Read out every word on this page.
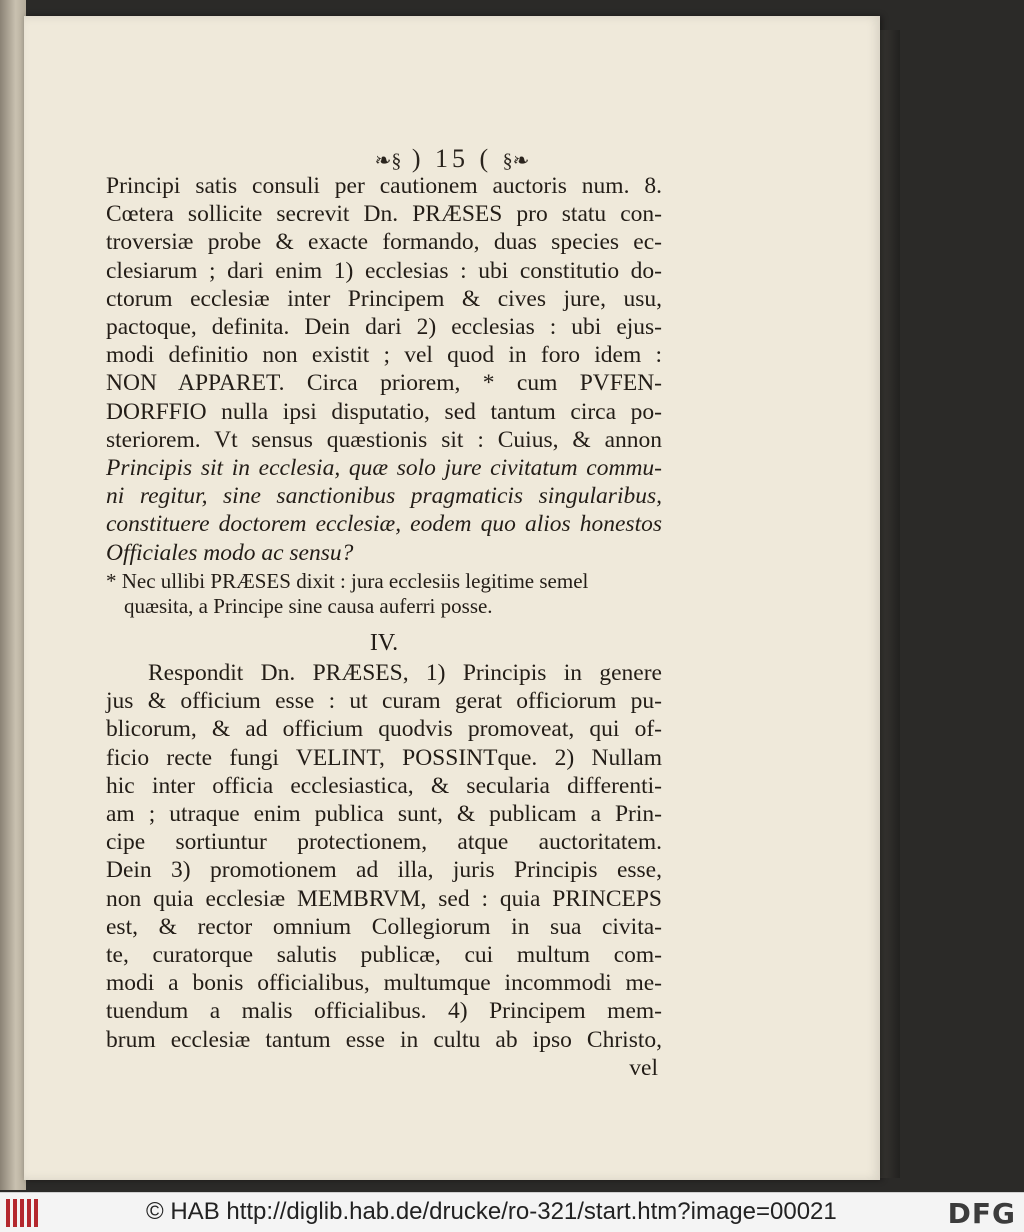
❧§ ) 15 ( §❧

Principi satis consuli per cautionem auctoris num. 8.
Cœtera sollicite secrevit Dn. PRÆSES pro statu con-
troversiæ probe & exacte formando, duas species ec-
clesiarum ; dari enim 1) ecclesias : ubi constitutio do-
ctorum ecclesiæ inter Principem & cives jure, usu,
pactoque, definita. Dein dari 2) ecclesias : ubi ejus-
modi definitio non existit ; vel quod in foro idem :
NON APPARET. Circa priorem, * cum PVFEN-
DORFFIO nulla ipsi disputatio, sed tantum circa po-
steriorem. Vt sensus quæstionis sit : Cuius, & annon
Principis sit in ecclesia, quæ solo jure civitatum commu-
ni regitur, sine sanctionibus pragmaticis singularibus,
constituere doctorem ecclesiæ, eodem quo alios honestos
Officiales modo ac sensu?

* Nec ullibi PRÆSES dixit : jura ecclesiis legitime semel
quæsita, a Principe sine causa auferri posse.
IV.

Respondit Dn. PRÆSES, 1) Principis in genere
jus & officium esse : ut curam gerat officiorum pu-
blicorum, & ad officium quodvis promoveat, qui of-
ficio recte fungi VELINT, POSSINTque. 2) Nullam
hic inter officia ecclesiastica, & secularia differenti-
am ; utraque enim publica sunt, & publicam a Prin-
cipe sortiuntur protectionem, atque auctoritatem.
Dein 3) promotionem ad illa, juris Principis esse,
non quia ecclesiæ MEMBRVM, sed : quia PRINCEPS
est, & rector omnium Collegiorum in sua civita-
te, curatorque salutis publicæ, cui multum com-
modi a bonis officialibus, multumque incommodi me-
tuendum a malis officialibus. 4) Principem mem-
brum ecclesiæ tantum esse in cultu ab ipso Christo,

vel
© HAB http://diglib.hab.de/drucke/ro-321/start.htm?image=00021	DFG
